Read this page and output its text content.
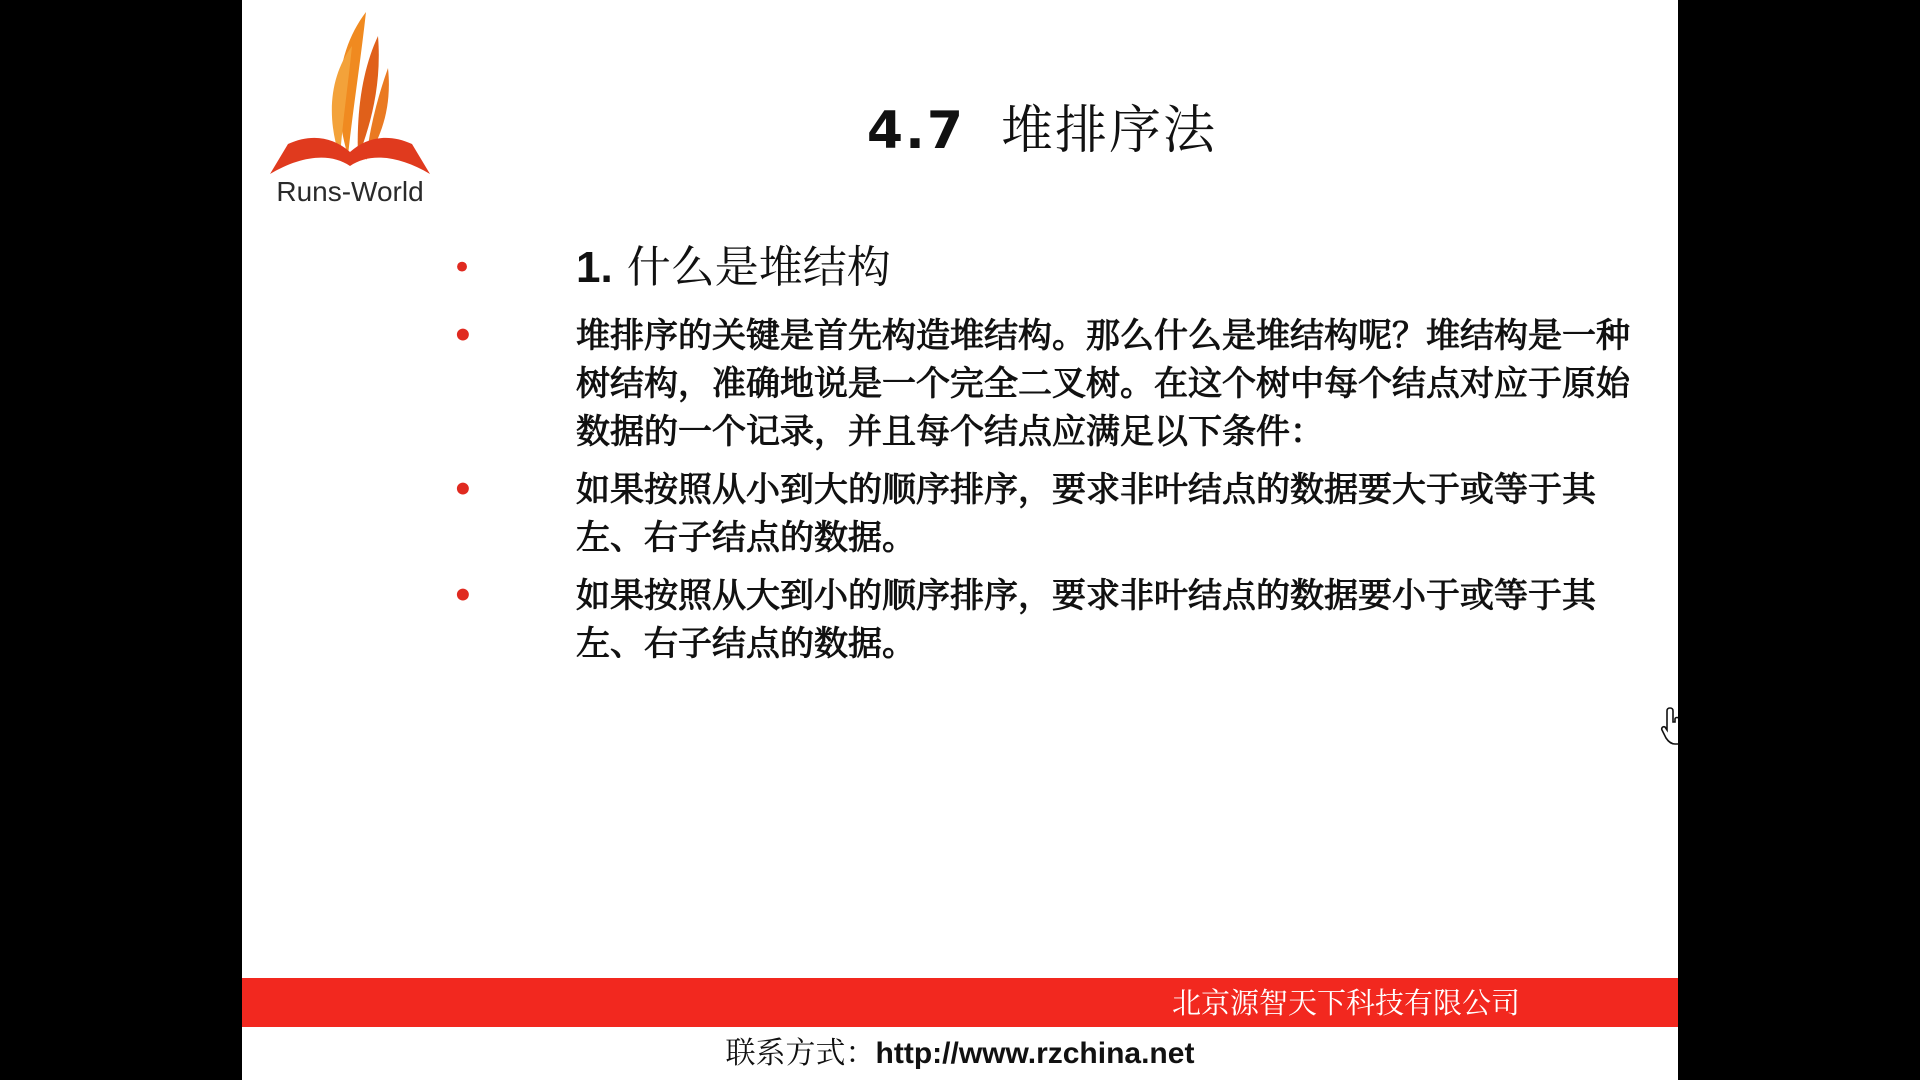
Runs-World
4.7 堆排序法
• 1. 什么是堆结构
•	堆排序的关键是首先构造堆结构。那么什么是堆结构呢？堆结构是一种树结构，准确地说是一个完全二叉树。在这个树中每个结点对应于原始数据的一个记录，并且每个结点应满足以下条件：
•	如果按照从小到大的顺序排序，要求非叶结点的数据要大于或等于其左、右子结点的数据。
•	如果按照从大到小的顺序排序，要求非叶结点的数据要小于或等于其左、右子结点的数据。
北京源智天下科技有限公司
联系方式：http://www.rzchina.net
